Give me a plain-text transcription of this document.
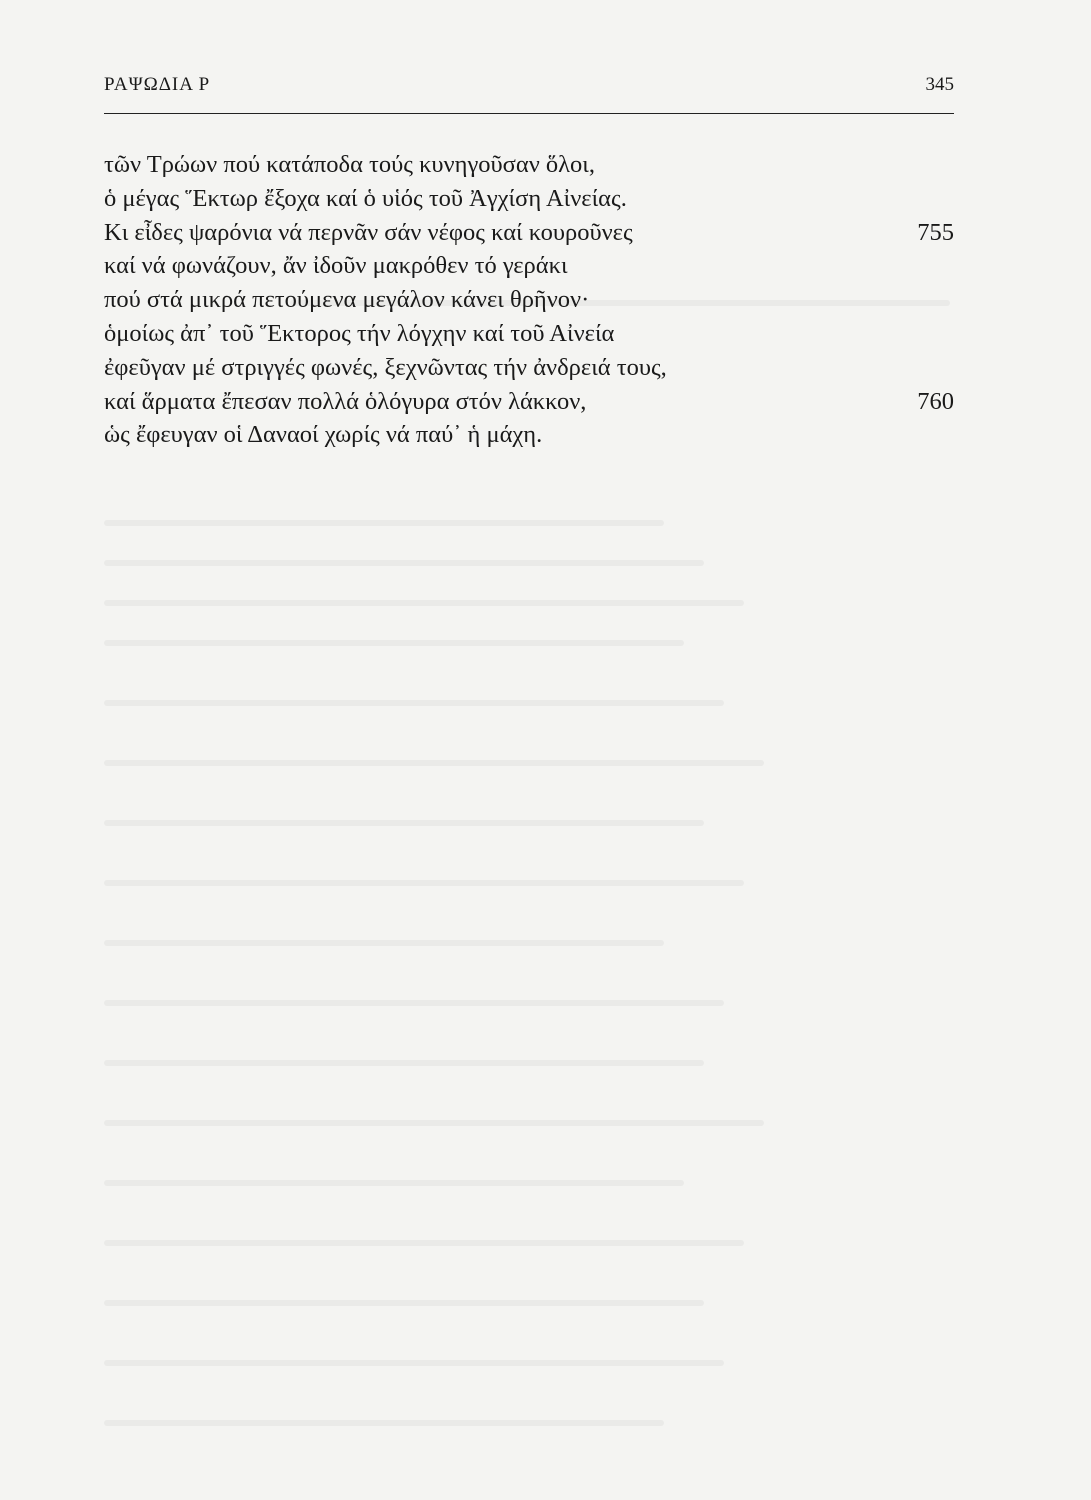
ΡΑΨΩΔΙΑ Ρ	345
τῶν Τρώων πού κατάποδα τούς κυνηγοῦσαν ὅλοι,
ὁ μέγας Ἕκτωρ ἔξοχα καί ὁ υἱός τοῦ Ἀγχίση Αἰνείας.
Κι εἶδες ψαρόνια νά περνᾶν σάν νέφος καί κουροῦνες	755
καί νά φωνάζουν, ἄν ἰδοῦν μακρόθεν τό γεράκι
πού στά μικρά πετούμενα μεγάλον κάνει θρῆνον·
ὁμοίως ἀπ᾽ τοῦ Ἕκτορος τήν λόγχην καί τοῦ Αἰνεία
ἐφεῦγαν μέ στριγγές φωνές, ξεχνῶντας τήν ἀνδρειά τους,
καί ἅρματα ἔπεσαν πολλά ὁλόγυρα στόν λάκκον,	760
ὡς ἔφευγαν οἱ Δαναοί χωρίς νά παύ᾽ ἡ μάχη.
